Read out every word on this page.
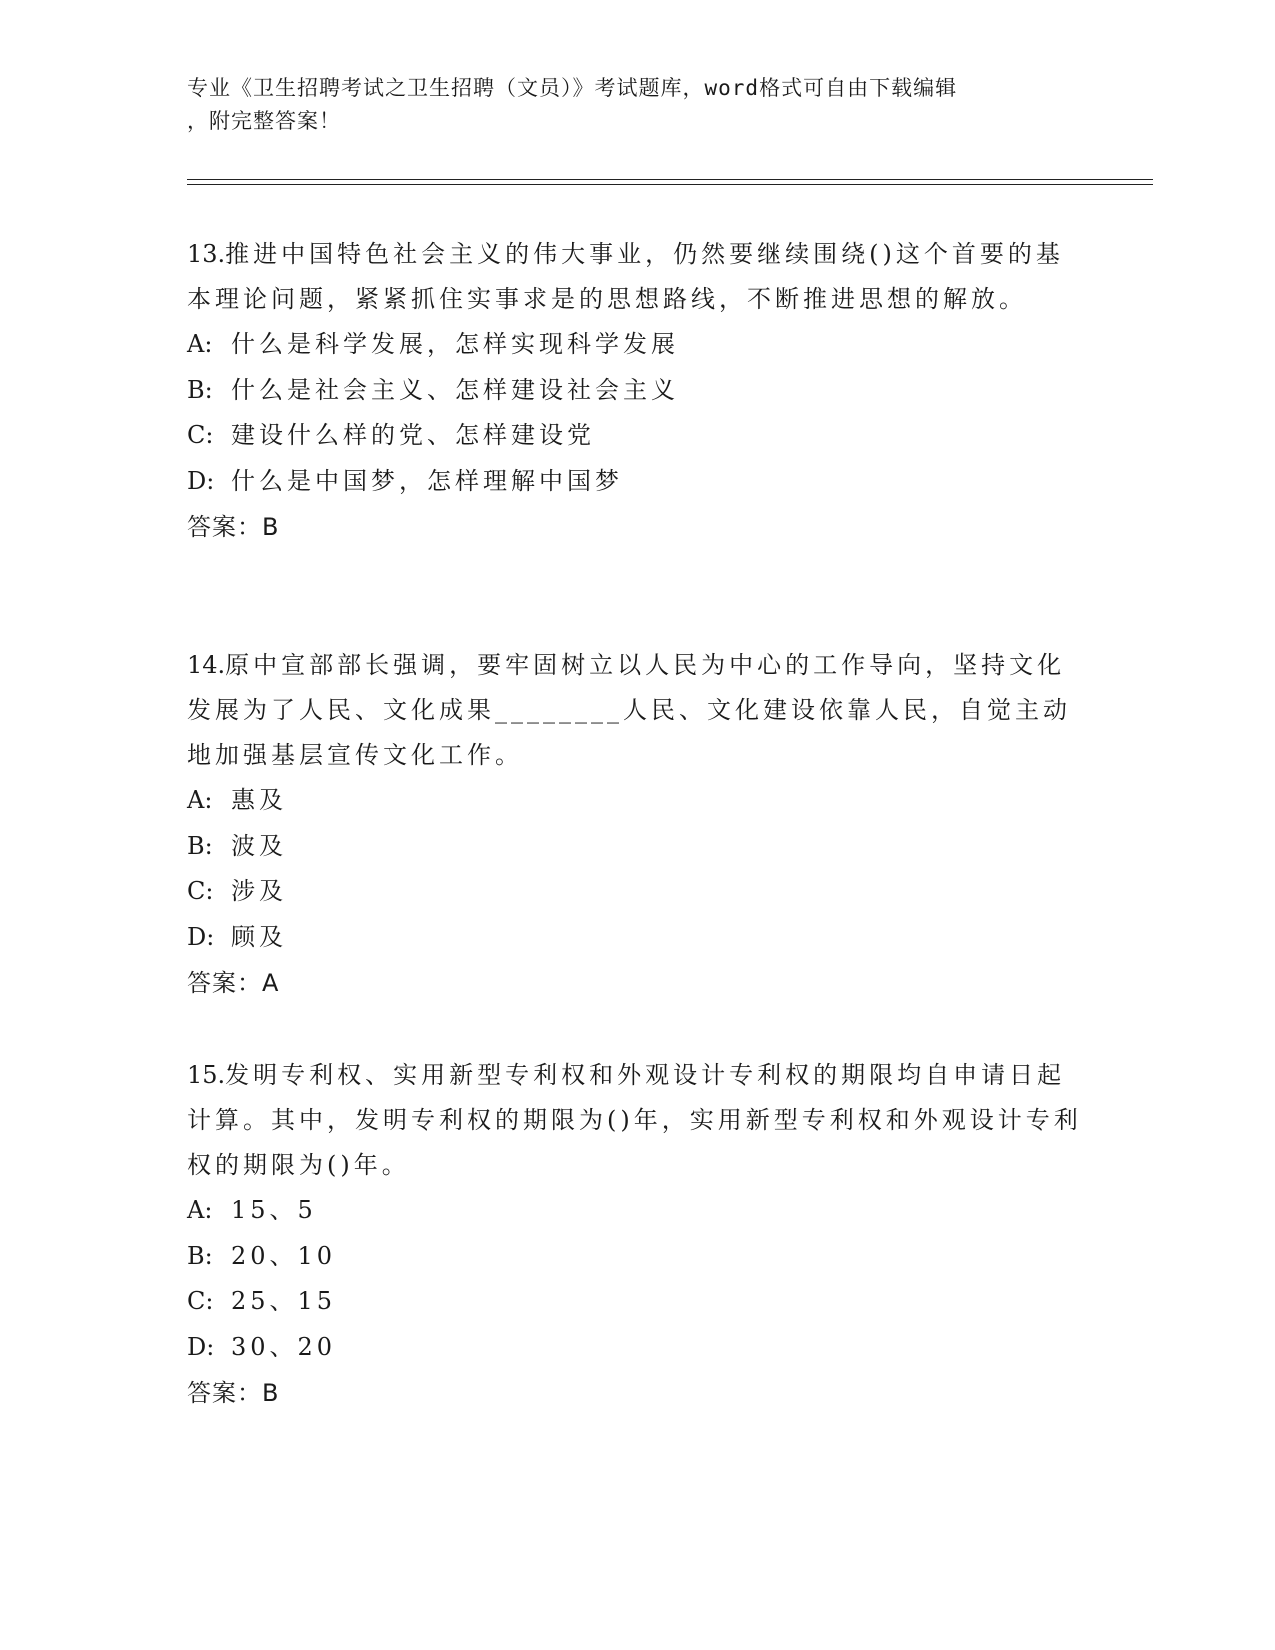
专业《卫生招聘考试之卫生招聘（文员）》考试题库，word格式可自由下载编辑
，附完整答案！

13.推进中国特色社会主义的伟大事业，仍然要继续围绕()这个首要的基本理论问题，紧紧抓住实事求是的思想路线，不断推进思想的解放。

A: 什么是科学发展，怎样实现科学发展
B: 什么是社会主义、怎样建设社会主义
C: 建设什么样的党、怎样建设党
D: 什么是中国梦，怎样理解中国梦
答案：B

14.原中宣部部长强调，要牢固树立以人民为中心的工作导向，坚持文化发展为了人民、文化成果________人民、文化建设依靠人民，自觉主动地加强基层宣传文化工作。

A: 惠及
B: 波及
C: 涉及
D: 顾及
答案：A

15.发明专利权、实用新型专利权和外观设计专利权的期限均自申请日起计算。其中，发明专利权的期限为()年，实用新型专利权和外观设计专利权的期限为()年。

A: 15、5
B: 20、10
C: 25、15
D: 30、20
答案：B
